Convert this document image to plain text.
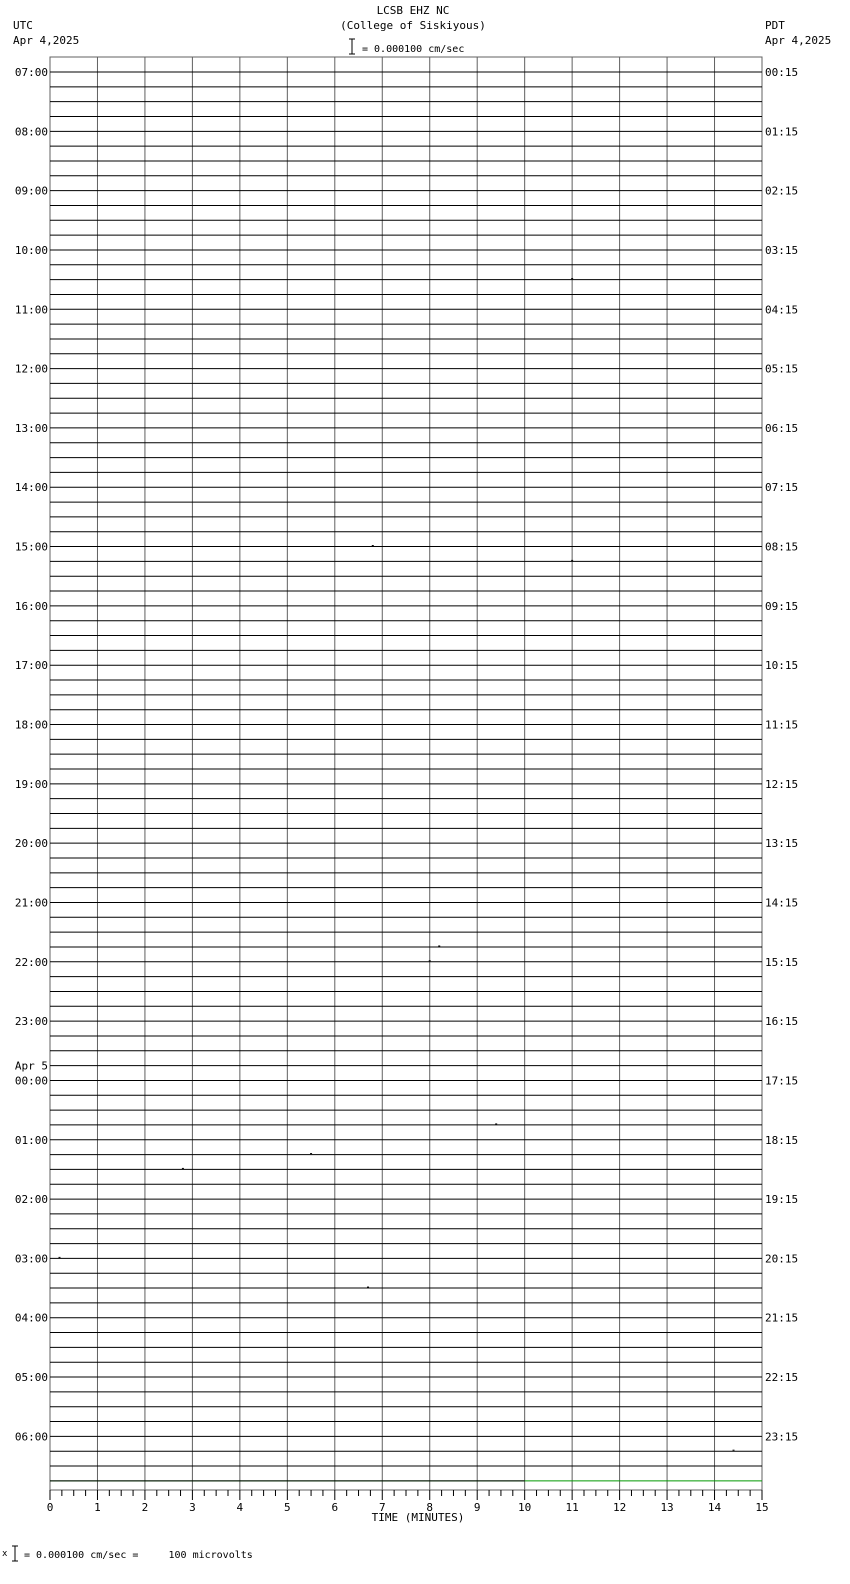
LCSB EHZ NC
(College of Siskiyous)
UTC
Apr 4,2025
PDT
Apr 4,2025
= 0.000100 cm/sec
07:00
08:00
09:00
10:00
11:00
12:00
13:00
14:00
15:00
16:00
17:00
18:00
19:00
20:00
21:00
22:00
23:00
00:00
Apr 5
01:00
02:00
03:00
04:00
05:00
06:00
00:15
01:15
02:15
03:15
04:15
05:15
06:15
07:15
08:15
09:15
10:15
11:15
12:15
13:15
14:15
15:15
16:15
17:15
18:15
19:15
20:15
21:15
22:15
23:15
0	1	2	3	4	5	6	7	8	9	10	11	12	13	14	15
TIME (MINUTES)
x = 0.000100 cm/sec =     100 microvolts
